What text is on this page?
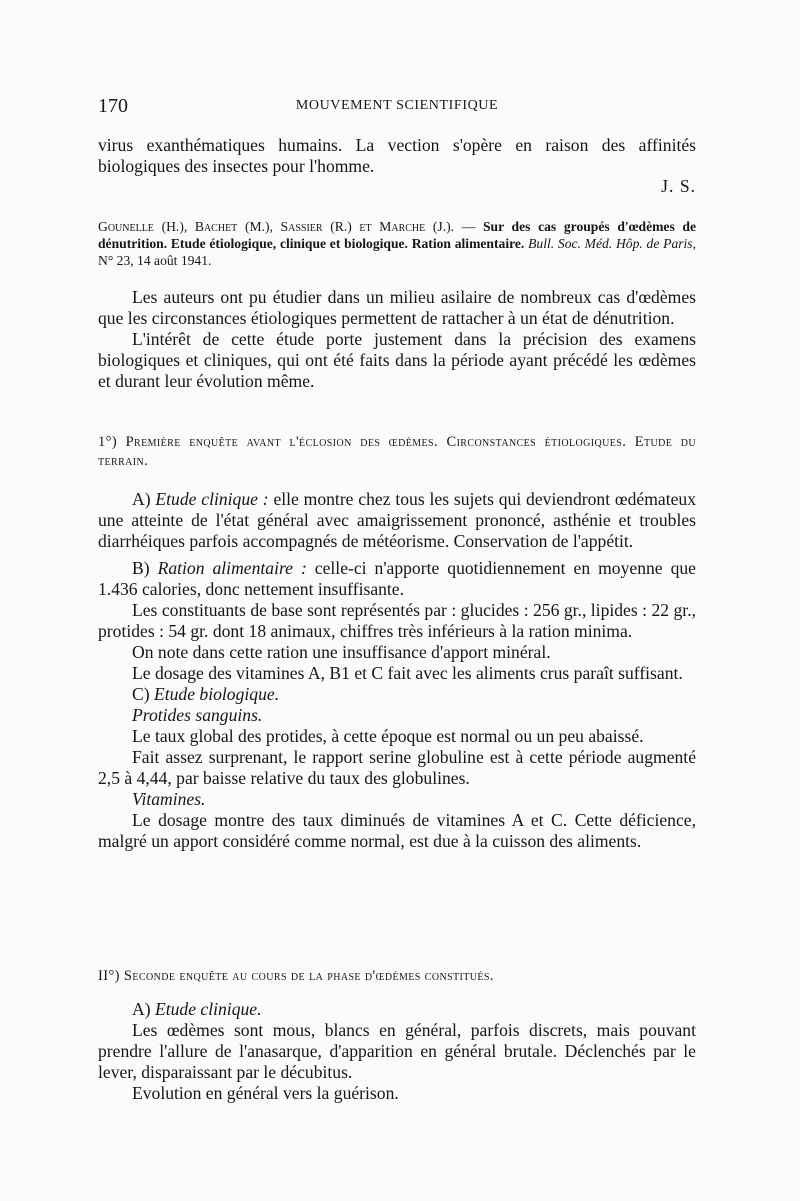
170	MOUVEMENT SCIENTIFIQUE

virus exanthématiques humains. La vection s'opère en raison des affinités biologiques des insectes pour l'homme.

J. S.
Gounelle (H.), Bachet (M.), Sassier (R.) et Marche (J.). — Sur des cas groupés d'œdèmes de dénutrition. Etude étiologique, clinique et biologique. Ration alimentaire. Bull. Soc. Méd. Hôp. de Paris, N° 23, 14 août 1941.

Les auteurs ont pu étudier dans un milieu asilaire de nombreux cas d'œdèmes que les circonstances étiologiques permettent de rattacher à un état de dénutrition.

L'intérêt de cette étude porte justement dans la précision des examens biologiques et cliniques, qui ont été faits dans la période ayant précédé les œdèmes et durant leur évolution même.

1°) Première enquête avant l'éclosion des œdèmes. Circonstances étiologiques. Etude du terrain.

A) Etude clinique : elle montre chez tous les sujets qui deviendront œdémateux une atteinte de l'état général avec amaigrissement prononcé, asthénie et troubles diarrhéiques parfois accompagnés de météorisme. Conservation de l'appétit.

B) Ration alimentaire : celle-ci n'apporte quotidiennement en moyenne que 1.436 calories, donc nettement insuffisante.

Les constituants de base sont représentés par : glucides : 256 gr., lipides : 22 gr., protides : 54 gr. dont 18 animaux, chiffres très inférieurs à la ration minima.

On note dans cette ration une insuffisance d'apport minéral.

Le dosage des vitamines A, B1 et C fait avec les aliments crus paraît suffisant.

C) Etude biologique.

Protides sanguins.

Le taux global des protides, à cette époque est normal ou un peu abaissé.

Fait assez surprenant, le rapport serine globuline est à cette période augmenté 2,5 à 4,44, par baisse relative du taux des globulines.

Vitamines.

Le dosage montre des taux diminués de vitamines A et C. Cette déficience, malgré un apport considéré comme normal, est due à la cuisson des aliments.

II°) Seconde enquête au cours de la phase d'œdèmes constitués.

A) Etude clinique.

Les œdèmes sont mous, blancs en général, parfois discrets, mais pouvant prendre l'allure de l'anasarque, d'apparition en général brutale. Déclenchés par le lever, disparaissant par le décubitus.

Evolution en général vers la guérison.
